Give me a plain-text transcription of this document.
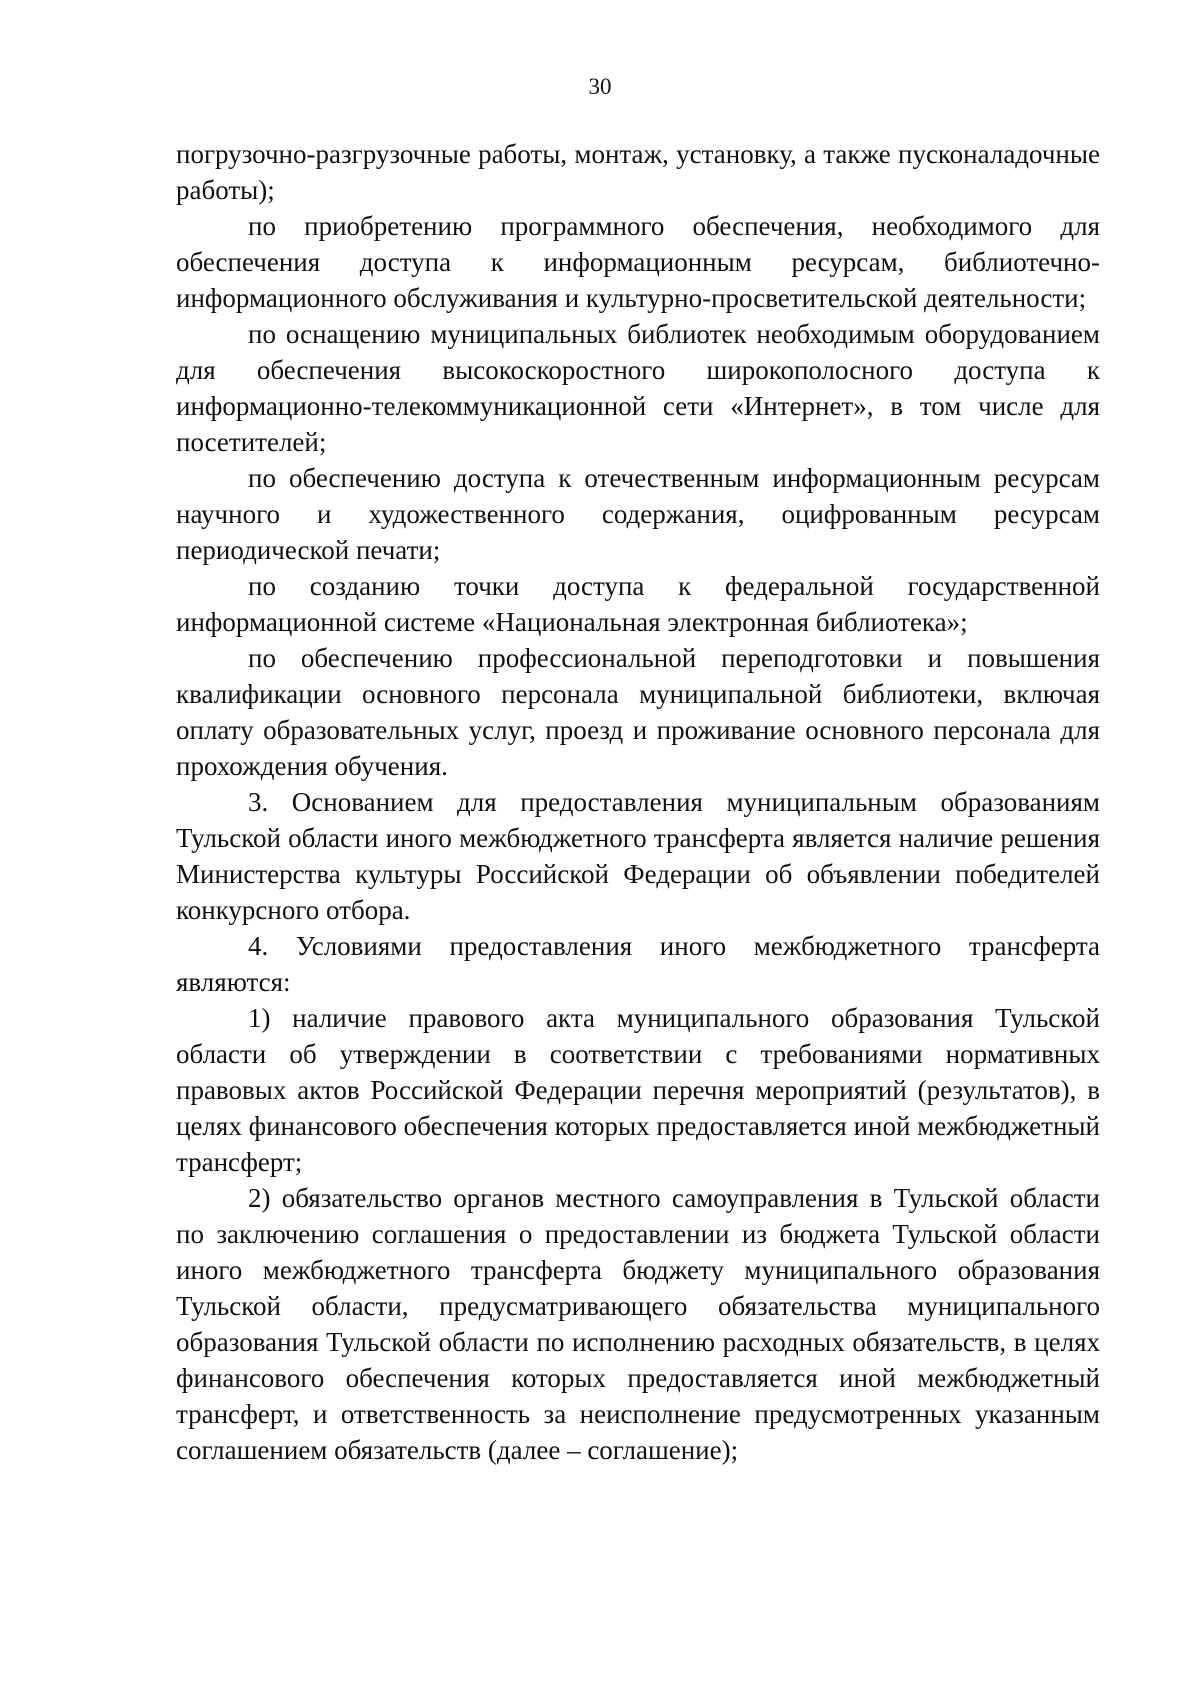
30

погрузочно-разгрузочные работы, монтаж, установку, а также пусконаладочные работы);

по приобретению программного обеспечения, необходимого для обеспечения доступа к информационным ресурсам, библиотечно-информационного обслуживания и культурно-просветительской деятельности;

по оснащению муниципальных библиотек необходимым оборудованием для обеспечения высокоскоростного широкополосного доступа к информационно-телекоммуникационной сети «Интернет», в том числе для посетителей;

по обеспечению доступа к отечественным информационным ресурсам научного и художественного содержания, оцифрованным ресурсам периодической печати;

по созданию точки доступа к федеральной государственной информационной системе «Национальная электронная библиотека»;

по обеспечению профессиональной переподготовки и повышения квалификации основного персонала муниципальной библиотеки, включая оплату образовательных услуг, проезд и проживание основного персонала для прохождения обучения.

3. Основанием для предоставления муниципальным образованиям Тульской области иного межбюджетного трансферта является наличие решения Министерства культуры Российской Федерации об объявлении победителей конкурсного отбора.

4. Условиями предоставления иного межбюджетного трансферта являются:

1) наличие правового акта муниципального образования Тульской области об утверждении в соответствии с требованиями нормативных правовых актов Российской Федерации перечня мероприятий (результатов), в целях финансового обеспечения которых предоставляется иной межбюджетный трансферт;

2) обязательство органов местного самоуправления в Тульской области по заключению соглашения о предоставлении из бюджета Тульской области иного межбюджетного трансферта бюджету муниципального образования Тульской области, предусматривающего обязательства муниципального образования Тульской области по исполнению расходных обязательств, в целях финансового обеспечения которых предоставляется иной межбюджетный трансферт, и ответственность за неисполнение предусмотренных указанным соглашением обязательств (далее – соглашение);
